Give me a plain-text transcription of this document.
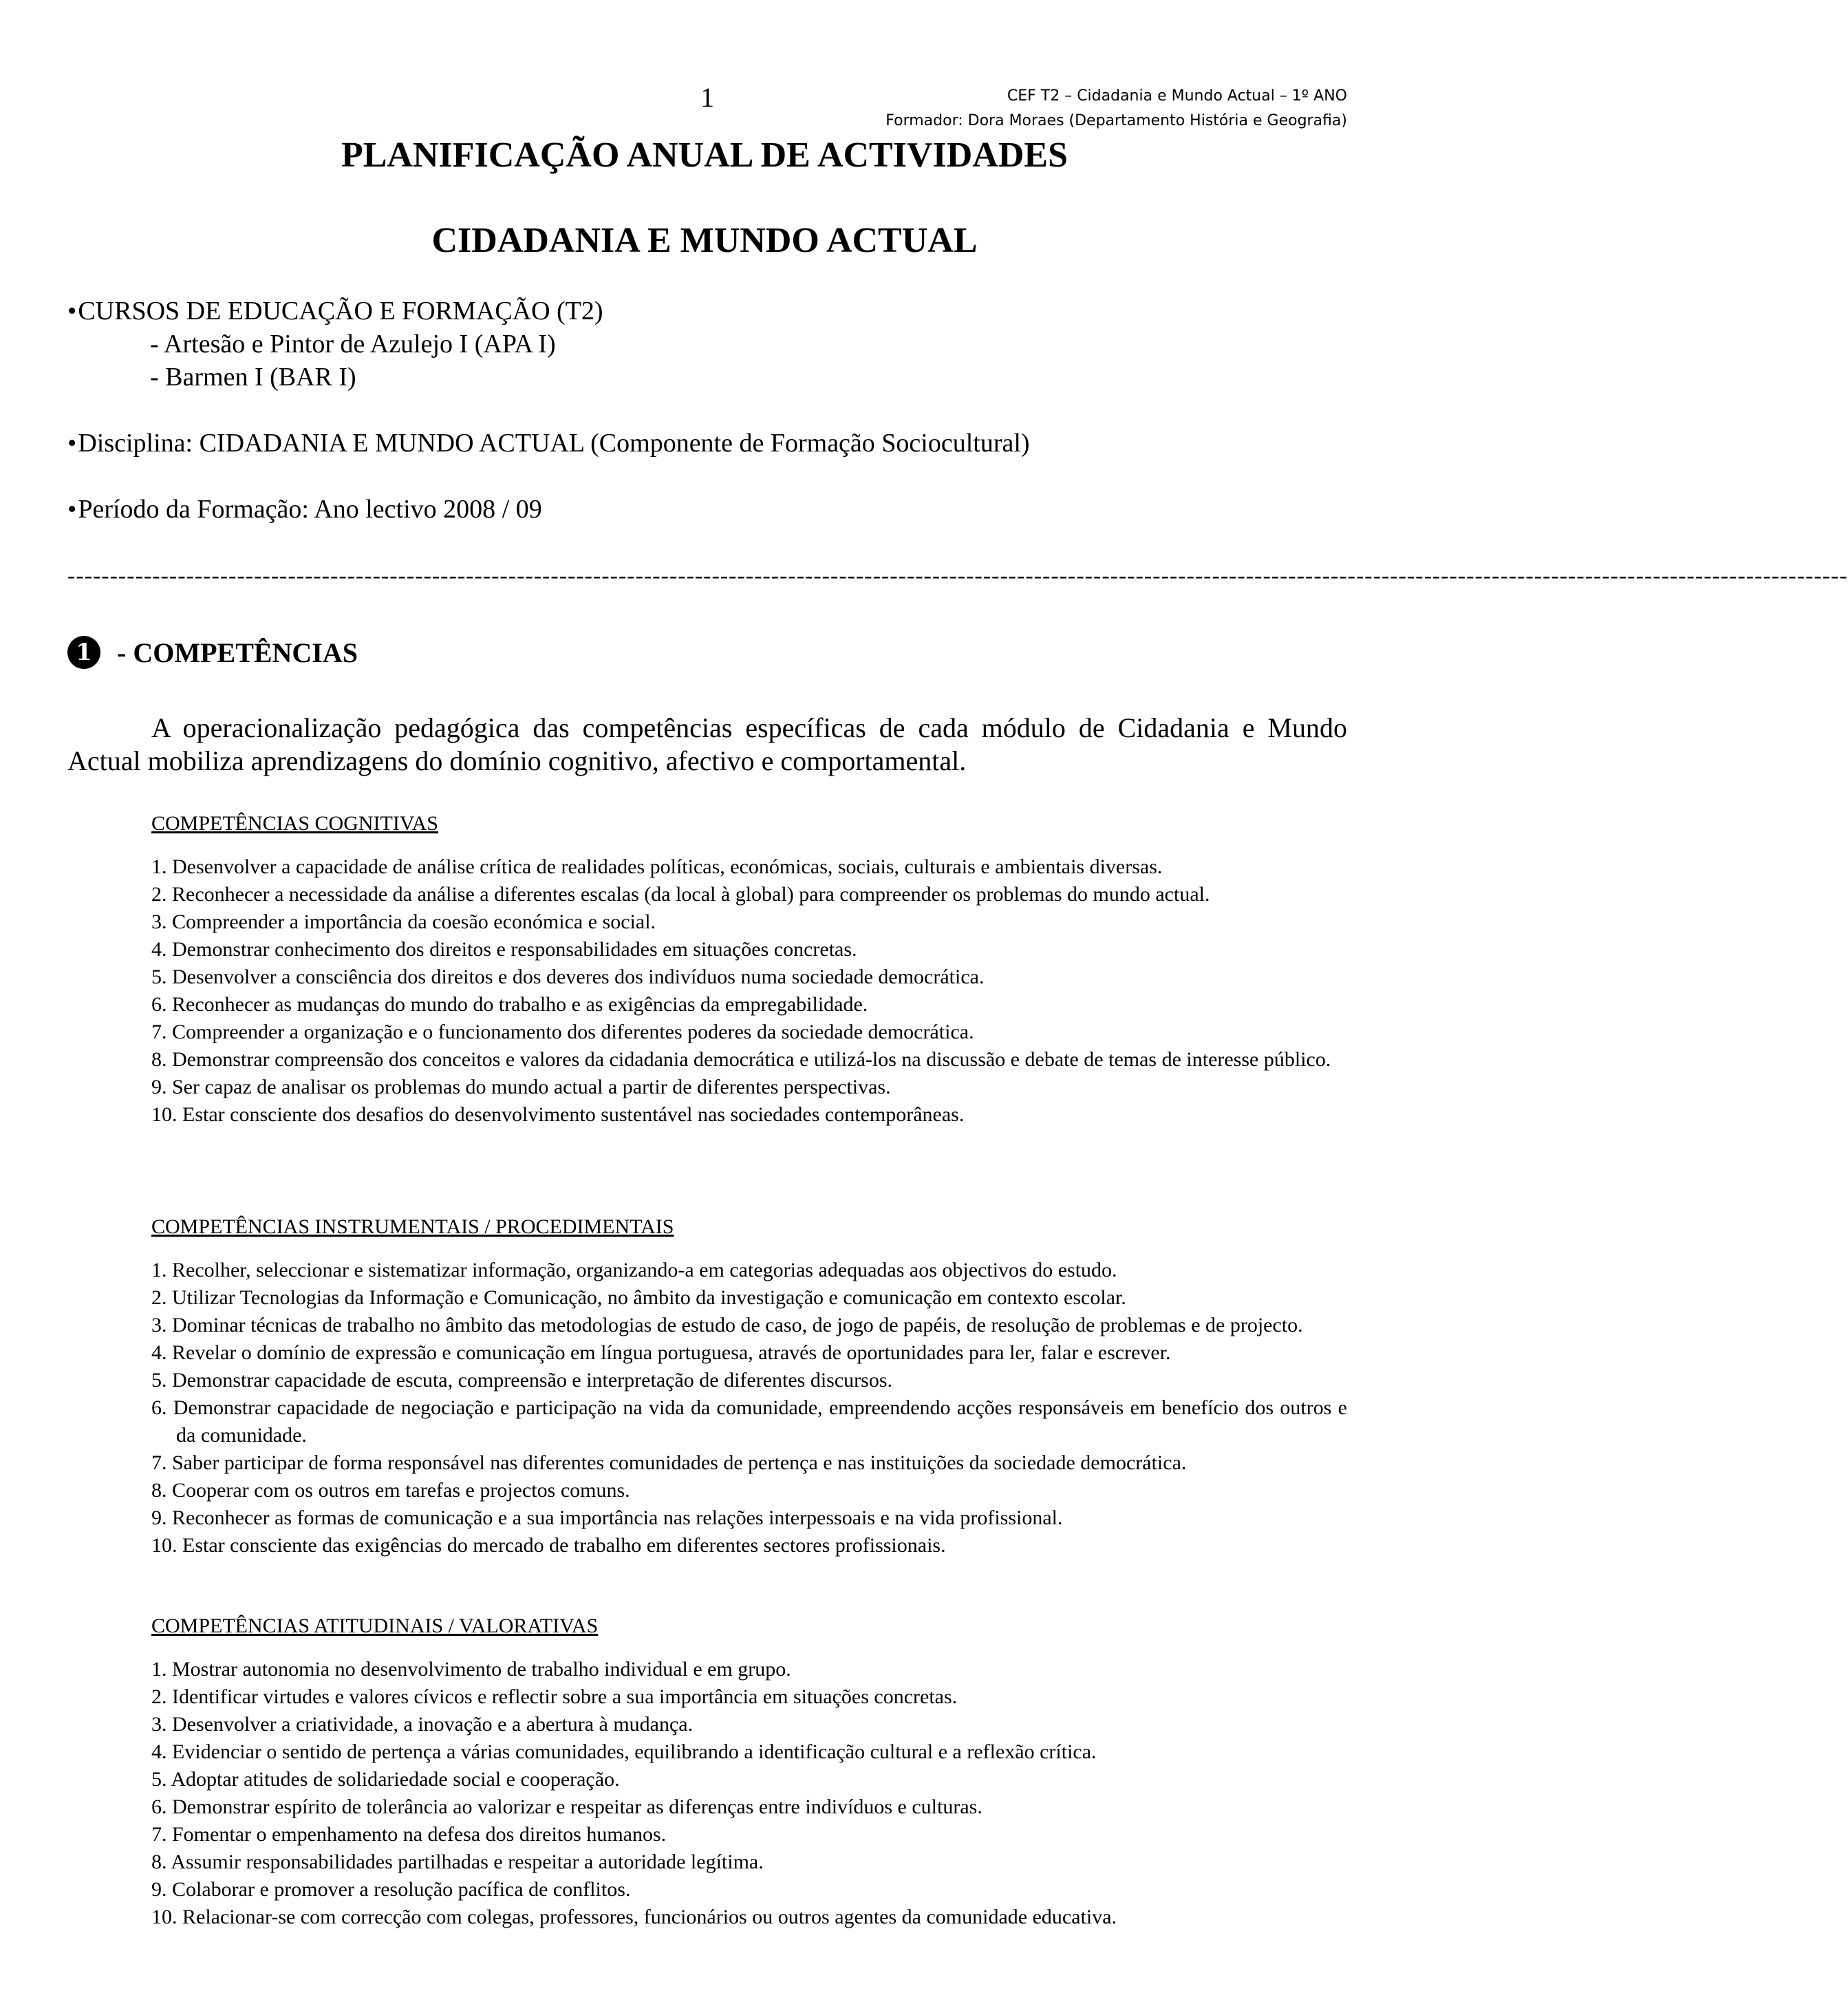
1	CEF T2 – Cidadania e Mundo Actual – 1º ANO
Formador: Dora Moraes (Departamento História e Geografia)
PLANIFICAÇÃO ANUAL DE ACTIVIDADES
CIDADANIA E MUNDO ACTUAL
•CURSOS DE EDUCAÇÃO E FORMAÇÃO (T2)
- Artesão e Pintor de Azulejo I (APA I)
- Barmen I (BAR I)
•Disciplina: CIDADANIA E MUNDO ACTUAL (Componente de Formação Sociocultural)
•Período da Formação: Ano lectivo 2008 / 09
------------------------------------------------------------------------------------------------------------------------------------------------------------------------------------------------------------------
1 - COMPETÊNCIAS
A operacionalização pedagógica das competências específicas de cada módulo de Cidadania e Mundo Actual mobiliza aprendizagens do domínio cognitivo, afectivo e comportamental.
COMPETÊNCIAS COGNITIVAS
1. Desenvolver a capacidade de análise crítica de realidades políticas, económicas, sociais, culturais e ambientais diversas.
2. Reconhecer a necessidade da análise a diferentes escalas (da local à global) para compreender os problemas do mundo actual.
3. Compreender a importância da coesão económica e social.
4. Demonstrar conhecimento dos direitos e responsabilidades em situações concretas.
5. Desenvolver a consciência dos direitos e dos deveres dos indivíduos numa sociedade democrática.
6. Reconhecer as mudanças do mundo do trabalho e as exigências da empregabilidade.
7. Compreender a organização e o funcionamento dos diferentes poderes da sociedade democrática.
8. Demonstrar compreensão dos conceitos e valores da cidadania democrática e utilizá-los na discussão e debate de temas de interesse público.
9. Ser capaz de analisar os problemas do mundo actual a partir de diferentes perspectivas.
10. Estar consciente dos desafios do desenvolvimento sustentável nas sociedades contemporâneas.
COMPETÊNCIAS INSTRUMENTAIS / PROCEDIMENTAIS
1. Recolher, seleccionar e sistematizar informação, organizando-a em categorias adequadas aos objectivos do estudo.
2. Utilizar Tecnologias da Informação e Comunicação, no âmbito da investigação e comunicação em contexto escolar.
3. Dominar técnicas de trabalho no âmbito das metodologias de estudo de caso, de jogo de papéis, de resolução de problemas e de projecto.
4. Revelar o domínio de expressão e comunicação em língua portuguesa, através de oportunidades para ler, falar e escrever.
5. Demonstrar capacidade de escuta, compreensão e interpretação de diferentes discursos.
6. Demonstrar capacidade de negociação e participação na vida da comunidade, empreendendo acções responsáveis em benefício dos outros e da comunidade.
7. Saber participar de forma responsável nas diferentes comunidades de pertença e nas instituições da sociedade democrática.
8. Cooperar com os outros em tarefas e projectos comuns.
9. Reconhecer as formas de comunicação e a sua importância nas relações interpessoais e na vida profissional.
10. Estar consciente das exigências do mercado de trabalho em diferentes sectores profissionais.
COMPETÊNCIAS ATITUDINAIS / VALORATIVAS
1. Mostrar autonomia no desenvolvimento de trabalho individual e em grupo.
2. Identificar virtudes e valores cívicos e reflectir sobre a sua importância em situações concretas.
3. Desenvolver a criatividade, a inovação e a abertura à mudança.
4. Evidenciar o sentido de pertença a várias comunidades, equilibrando a identificação cultural e a reflexão crítica.
5. Adoptar atitudes de solidariedade social e cooperação.
6. Demonstrar espírito de tolerância ao valorizar e respeitar as diferenças entre indivíduos e culturas.
7. Fomentar o empenhamento na defesa dos direitos humanos.
8. Assumir responsabilidades partilhadas e respeitar a autoridade legítima.
9. Colaborar e promover a resolução pacífica de conflitos.
10. Relacionar-se com correcção com colegas, professores, funcionários ou outros agentes da comunidade educativa.
